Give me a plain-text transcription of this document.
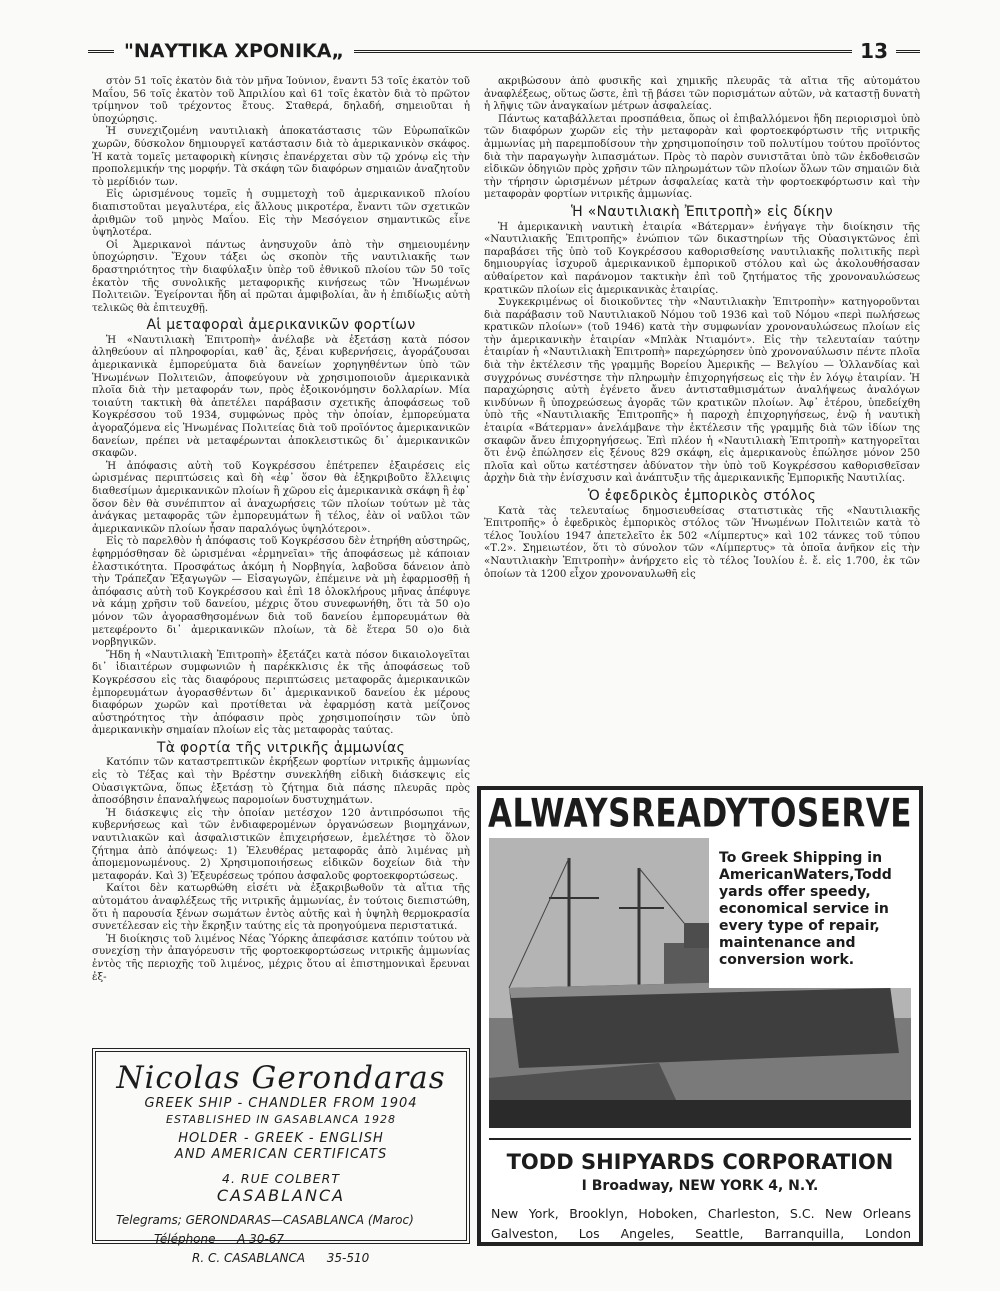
"ΝΑΥΤΙΚΑ ΧΡΟΝΙΚΑ„	13

στὸν 51 τοῖς ἑκατὸν διὰ τὸν μῆνα Ἰούνιον, ἔναντι 53 τοῖς ἑκατὸν τοῦ Μαΐου, 56 τοῖς ἑκατὸν τοῦ Ἀπριλίου καὶ 61 τοῖς ἑκατὸν διὰ τὸ πρῶτον τρίμηνον τοῦ τρέχοντος ἔτους. Σταθερά, δηλαδή, σημειοῦται ἡ ὑποχώρησις.

Ἡ συνεχιζομένη ναυτιλιακὴ ἀποκατάστασις τῶν Εὐρωπαϊκῶν χωρῶν, δύσκολον δημιουργεῖ κατάστασιν διὰ τὸ ἀμερικανικὸν σκάφος. Ἡ κατὰ τομεῖς μεταφορικὴ κίνησις ἐπανέρχεται σὺν τῷ χρόνῳ εἰς τὴν προπολεμικήν της μορφήν. Τὰ σκάφη τῶν διαφόρων σημαιῶν ἀναζητοῦν τὸ μερίδιόν των.

Εἰς ὡρισμένους τομεῖς ἡ συμμετοχὴ τοῦ ἀμερικανικοῦ πλοίου διαπιστοῦται μεγαλυτέρα, εἰς ἄλλους μικροτέρα, ἔναντι τῶν σχετικῶν ἀριθμῶν τοῦ μηνὸς Μαΐου. Εἰς τὴν Μεσόγειον σημαντικῶς εἶνε ὑψηλοτέρα.

Οἱ Ἀμερικανοὶ πάντως ἀνησυχοῦν ἀπὸ τὴν σημειουμένην ὑποχώρησιν. Ἔχουν τάξει ὡς σκοπὸν τῆς ναυτιλιακῆς των δραστηριότητος τὴν διαφύλαξιν ὑπὲρ τοῦ ἐθνικοῦ πλοίου τῶν 50 τοῖς ἑκατὸν τῆς συνολικῆς μεταφορικῆς κινήσεως τῶν Ἡνωμένων Πολιτειῶν. Ἐγείρονται ἤδη αἱ πρῶται ἀμφιβολίαι, ἂν ἡ ἐπιδίωξις αὐτὴ τελικῶς θὰ ἐπιτευχθῇ.

Αἱ μεταφοραὶ ἀμερικανικῶν φορτίων

Ἡ «Ναυτιλιακὴ Ἐπιτροπὴ» ἀνέλαβε νὰ ἐξετάσῃ κατὰ πόσον ἀληθεύουν αἱ πληροφορίαι, καθ᾽ ἃς, ξέναι κυβερνήσεις, ἀγοράζουσαι ἀμερικανικὰ ἐμπορεύματα διὰ δανείων χορηγηθέντων ὑπὸ τῶν Ἡνωμένων Πολιτειῶν, ἀποφεύγουν νὰ χρησιμοποιοῦν ἀμερικανικὰ πλοῖα διὰ τὴν μεταφοράν των, πρὸς ἐξοικονόμησιν δολλαρίων. Μία τοιαύτη τακτικὴ θὰ ἀπετέλει παράβασιν σχετικῆς ἀποφάσεως τοῦ Κογκρέσσου τοῦ 1934, συμφώνως πρὸς τὴν ὁποίαν, ἐμπορεύματα ἀγοραζόμενα εἰς Ἡνωμένας Πολιτείας διὰ τοῦ προϊόντος ἀμερικανικῶν δανείων, πρέπει νὰ μεταφέρωνται ἀποκλειστικῶς δι᾽ ἀμερικανικῶν σκαφῶν.

Ἡ ἀπόφασις αὐτὴ τοῦ Κογκρέσσου ἐπέτρεπεν ἐξαιρέσεις εἰς ὡρισμένας περιπτώσεις καὶ δὴ «ἐφ᾽ ὅσον θὰ ἐξηκριβοῦτο ἔλλειψις διαθεσίμων ἀμερικανικῶν πλοίων ἢ χῶρου εἰς ἀμερικανικὰ σκάφη ἢ ἐφ᾽ ὅσον δὲν θὰ συνέπιπτον αἱ ἀναχωρήσεις τῶν πλοίων τούτων μὲ τὰς ἀνάγκας μεταφορᾶς τῶν ἐμπορευμάτων ἢ τέλος, ἐὰν οἱ ναῦλοι τῶν ἀμερικανικῶν πλοίων ἦσαν παραλόγως ὑψηλότεροι».

Εἰς τὸ παρελθὸν ἡ ἀπόφασις τοῦ Κογκρέσσου δὲν ἐτηρήθη αὐστηρῶς, ἐφηρμόσθησαν δὲ ὡρισμέναι «ἑρμηνεῖαι» τῆς ἀποφάσεως μὲ κάποιαν ἐλαστικότητα. Προσφάτως ἀκόμη ἡ Νορβηγία, λαβοῦσα δάνειον ἀπὸ τὴν Τράπεζαν Ἐξαγωγῶν — Εἰσαγωγῶν, ἐπέμεινε νὰ μὴ ἐφαρμοσθῇ ἡ ἀπόφασις αὐτὴ τοῦ Κογκρέσσου καὶ ἐπὶ 18 ὁλοκλήρους μῆνας ἀπέφυγε νὰ κάμῃ χρῆσιν τοῦ δανείου, μέχρις ὅτου συνεφωνήθη, ὅτι τὰ 50 ο)ο μόνον τῶν ἀγορασθησομένων διὰ τοῦ δανείου ἐμπορευμάτων θὰ μετεφέροντο δι᾽ ἀμερικανικῶν πλοίων, τὰ δὲ ἕτερα 50 ο)ο διὰ νορβηγικῶν.

Ἤδη ἡ «Ναυτιλιακὴ Ἐπιτροπὴ» ἐξετάζει κατὰ πόσον δικαιολογεῖται δι᾽ ἰδιαιτέρων συμφωνιῶν ἡ παρέκκλισις ἐκ τῆς ἀποφάσεως τοῦ Κογκρέσσου εἰς τὰς διαφόρους περιπτώσεις μεταφορᾶς ἀμερικανικῶν ἐμπορευμάτων ἀγορασθέντων δι᾽ ἀμερικανικοῦ δανείου ἐκ μέρους διαφόρων χωρῶν καὶ προτίθεται νὰ ἐφαρμόσῃ κατὰ μείζονος αὐστηρότητος τὴν ἀπόφασιν πρὸς χρησιμοποίησιν τῶν ὑπὸ ἀμερικανικὴν σημαίαν πλοίων εἰς τὰς μεταφορὰς ταύτας.

Τὰ φορτία τῆς νιτρικῆς ἀμμωνίας

Κατόπιν τῶν καταστρεπτικῶν ἐκρήξεων φορτίων νιτρικῆς ἀμμωνίας εἰς τὸ Τέξας καὶ τὴν Βρέστην συνεκλήθη εἰδικὴ διάσκεψις εἰς Οὐασιγκτῶνα, ὅπως ἐξετάσῃ τὸ ζήτημα διὰ πάσης πλευρᾶς πρὸς ἀποσόβησιν ἐπαναλήψεως παρομοίων δυστυχημάτων.

Ἡ διάσκεψις εἰς τὴν ὁποίαν μετέσχον 120 ἀντιπρόσωποι τῆς κυβερνήσεως καὶ τῶν ἐνδιαφερομένων ὀργανώσεων βιομηχάνων, ναυτιλιακῶν καὶ ἀσφαλιστικῶν ἐπιχειρήσεων, ἐμελέτησε τὸ ὅλον ζήτημα ἀπὸ ἀπόψεως: 1) Ἐλευθέρας μεταφορᾶς ἀπὸ λιμένας μὴ ἀπομεμονωμένους. 2) Χρησιμοποιήσεως εἰδικῶν δοχείων διὰ τὴν μεταφοράν. Καὶ 3) Ἐξευρέσεως τρόπου ἀσφαλοῦς φορτοεκφορτώσεως.

Καίτοι δὲν κατωρθώθη εἰσέτι νὰ ἐξακριβωθοῦν τὰ αἴτια τῆς αὐτομάτου ἀναφλέξεως τῆς νιτρικῆς ἀμμωνίας, ἐν τούτοις διεπιστώθη, ὅτι ἡ παρουσία ξένων σωμάτων ἐντὸς αὐτῆς καὶ ἡ ὑψηλὴ θερμοκρασία συνετέλεσαν εἰς τὴν ἔκρηξιν ταύτης εἰς τὰ προηγούμενα περιστατικά.

Ἡ διοίκησις τοῦ λιμένος Νέας Ὑόρκης ἀπεφάσισε κατόπιν τούτου νὰ συνεχίσῃ τὴν ἀπαγόρευσιν τῆς φορτοεκφορτώσεως νιτρικῆς ἀμμωνίας ἐντὸς τῆς περιοχῆς τοῦ λιμένος, μέχρις ὅτου αἱ ἐπιστημονικαὶ ἔρευναι ἐξ-

ακριβώσουν ἀπὸ φυσικῆς καὶ χημικῆς πλευρᾶς τὰ αἴτια τῆς αὐτομάτου ἀναφλέξεως, οὕτως ὥστε, ἐπὶ τῇ βάσει τῶν πορισμάτων αὐτῶν, νὰ καταστῇ δυνατὴ ἡ λῆψις τῶν ἀναγκαίων μέτρων ἀσφαλείας.

Πάντως καταβάλλεται προσπάθεια, ὅπως οἱ ἐπιβαλλόμενοι ἤδη περιορισμοὶ ὑπὸ τῶν διαφόρων χωρῶν εἰς τὴν μεταφορὰν καὶ φορτοεκφόρτωσιν τῆς νιτρικῆς ἀμμωνίας μὴ παρεμποδίσουν τὴν χρησιμοποίησιν τοῦ πολυτίμου τούτου προϊόντος διὰ τὴν παραγωγὴν λιπασμάτων. Πρὸς τὸ παρὸν συνιστᾶται ὑπὸ τῶν ἐκδοθεισῶν εἰδικῶν ὁδηγιῶν πρὸς χρῆσιν τῶν πληρωμάτων τῶν πλοίων ὅλων τῶν σημαιῶν διὰ τὴν τήρησιν ὡρισμένων μέτρων ἀσφαλείας κατὰ τὴν φορτοεκφόρτωσιν καὶ τὴν μεταφορὰν φορτίων νιτρικῆς ἀμμωνίας.

Ἡ «Ναυτιλιακὴ Ἐπιτροπὴ» εἰς δίκην

Ἡ ἀμερικανικὴ ναυτικὴ ἑταιρία «Βάτερμαν» ἐνήγαγε τὴν διοίκησιν τῆς «Ναυτιλιακῆς Ἐπιτροπῆς» ἐνώπιον τῶν δικαστηρίων τῆς Οὐασιγκτῶνος ἐπὶ παραβάσει τῆς ὑπὸ τοῦ Κογκρέσσου καθορισθείσης ναυτιλιακῆς πολιτικῆς περὶ δημιουργίας ἰσχυροῦ ἀμερικανικοῦ ἐμπορικοῦ στόλου καὶ ὡς ἀκολουθήσασαν αὐθαίρετον καὶ παράνομον τακτικὴν ἐπὶ τοῦ ζητήματος τῆς χρονοναυλώσεως κρατικῶν πλοίων εἰς ἀμερικανικὰς ἑταιρίας.

Συγκεκριμένως οἱ διοικοῦντες τὴν «Ναυτιλιακὴν Ἐπιτροπὴν» κατηγοροῦνται διὰ παράβασιν τοῦ Ναυτιλιακοῦ Νόμου τοῦ 1936 καὶ τοῦ Νόμου «περὶ πωλήσεως κρατικῶν πλοίων» (τοῦ 1946) κατὰ τὴν συμφωνίαν χρονοναυλώσεως πλοίων εἰς τὴν ἀμερικανικὴν ἑταιρίαν «Μπλὰκ Ντιαμόντ». Εἰς τὴν τελευταίαν ταύτην ἑταιρίαν ἡ «Ναυτιλιακὴ Ἐπιτροπὴ» παρεχώρησεν ὑπὸ χρονοναύλωσιν πέντε πλοῖα διὰ τὴν ἐκτέλεσιν τῆς γραμμῆς Βορείου Ἀμερικῆς — Βελγίου — Ὁλλανδίας καὶ συγχρόνως συνέστησε τὴν πληρωμὴν ἐπιχορηγήσεως εἰς τὴν ἐν λόγῳ ἑταιρίαν. Ἡ παραχώρησις αὐτὴ ἐγένετο ἄνευ ἀντισταθμισμάτων ἀναλήψεως ἀναλόγων κινδύνων ἢ ὑποχρεώσεως ἀγορᾶς τῶν κρατικῶν πλοίων. Ἀφ᾽ ἑτέρου, ὑπεδείχθη ὑπὸ τῆς «Ναυτιλιακῆς Ἐπιτροπῆς» ἡ παροχὴ ἐπιχορηγήσεως, ἐνῷ ἡ ναυτικὴ ἑταιρία «Βάτερμαν» ἀνελάμβανε τὴν ἐκτέλεσιν τῆς γραμμῆς διὰ τῶν ἰδίων της σκαφῶν ἄνευ ἐπιχορηγήσεως. Ἐπὶ πλέον ἡ «Ναυτιλιακὴ Ἐπιτροπὴ» κατηγορεῖται ὅτι ἐνῷ ἐπώλησεν εἰς ξένους 829 σκάφη, εἰς ἀμερικανοὺς ἐπώλησε μόνον 250 πλοῖα καὶ οὕτω κατέστησεν ἀδύνατον τὴν ὑπὸ τοῦ Κογκρέσσου καθορισθεῖσαν ἀρχὴν διὰ τὴν ἐνίσχυσιν καὶ ἀνάπτυξιν τῆς ἀμερικανικῆς Ἐμπορικῆς Ναυτιλίας.

Ὁ ἐφεδρικὸς ἐμπορικὸς στόλος

Κατὰ τὰς τελευταίως δημοσιευθείσας στατιστικὰς τῆς «Ναυτιλιακῆς Ἐπιτροπῆς» ὁ ἐφεδρικὸς ἐμπορικὸς στόλος τῶν Ἡνωμένων Πολιτειῶν κατὰ τὸ τέλος Ἰουλίου 1947 ἀπετελεῖτο ἐκ 502 «Λίμπερτυς» καὶ 102 τάνκες τοῦ τύπου «Τ.2». Σημειωτέον, ὅτι τὸ σύνολον τῶν «Λίμπερτυς» τὰ ὁποῖα ἀνῆκον εἰς τὴν «Ναυτιλιακὴν Ἐπιτροπὴν» ἀνήρχετο εἰς τὸ τέλος Ἰουλίου ἐ. ἔ. εἰς 1.700, ἐκ τῶν ὁποίων τὰ 1200 εἶχον χρονοναυλωθῆ εἰς

Nicolas Gerondaras
GREEK SHIP - CHANDLER FROM 1904
ESTABLISHED IN GASABLANCA 1928
HOLDER - GREEK - ENGLISH
AND AMERICAN CERTIFICATS
4. RUE COLBERT
CASABLANCA
Telegrams; GERONDARAS—CASABLANCA (Maroc)
Téléphone A 30-67
R. C. CASABLANCA 35-510
ALWAYSREADYTOSERVE
To Greek Shipping in AmericanWaters,Todd yards offer speedy, economical service in every type of repair, maintenance and conversion work.
TODD SHIPYARDS CORPORATION
I Broadway, NEW YORK 4, N.Y.
New York, Brooklyn, Hoboken, Charleston, S.C. New Orleans
Galveston, Los Angeles, Seattle, Barranquilla, London
